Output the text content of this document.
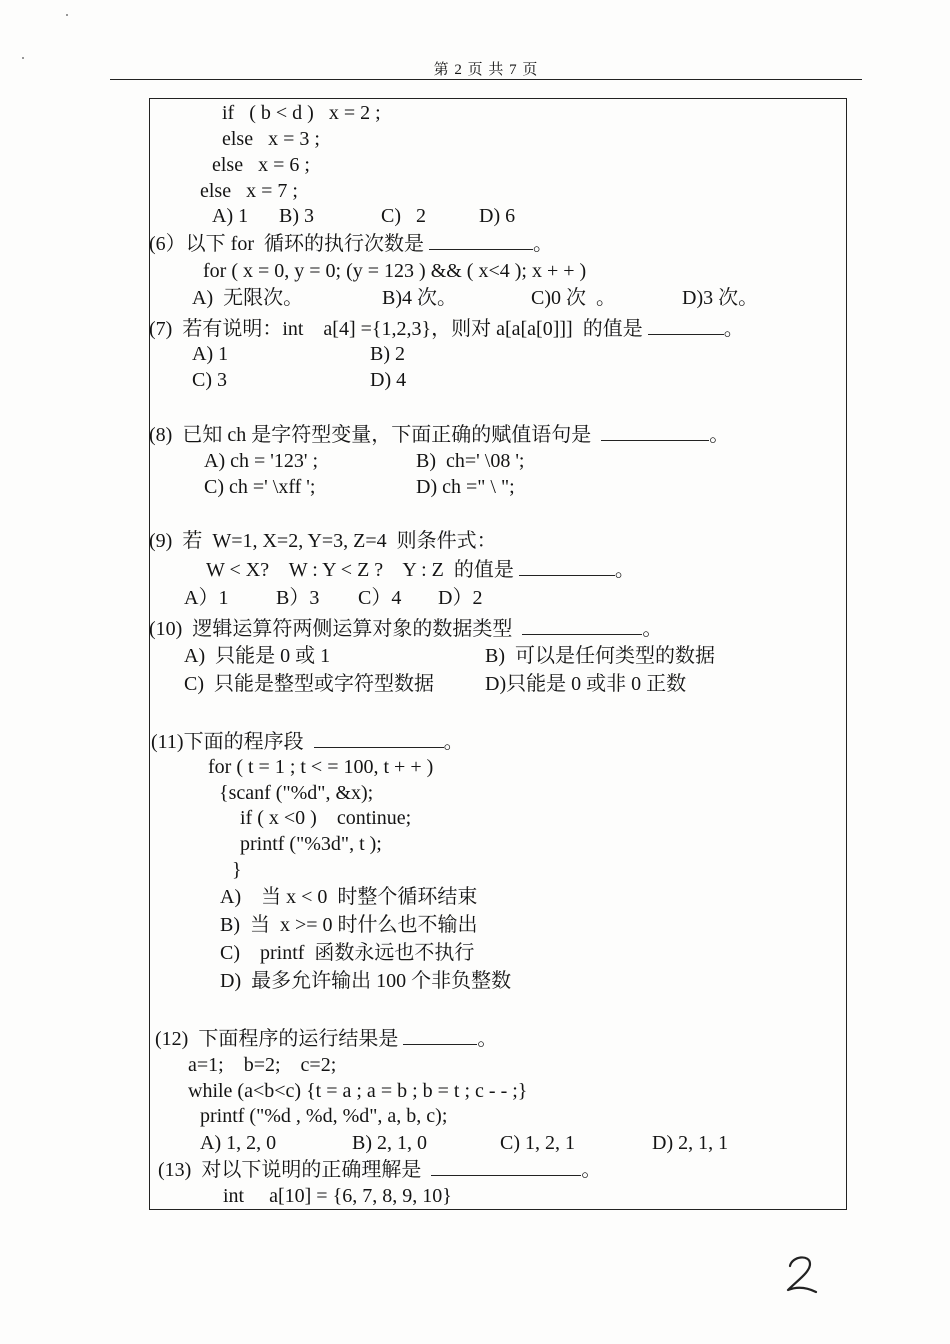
第 2 页 共 7 页
if   ( b < d )   x = 2 ;
else   x = 3 ;
else   x = 6 ;
else   x = 7 ;
A) 1 B) 3	C)   2	D) 6
(6）以下 for  循环的执行次数是	。
for ( x = 0, y = 0; (y = 123 ) && ( x<4 ); x + + )
A)  无限次。	B)4 次。	C)0 次  。	D)3 次。
(7)  若有说明：int    a[4] ={1,2,3}，则对 a[a[a[0]]]  的值是	。
A) 1	B) 2
C) 3	D) 4
(8)  已知 ch 是字符型变量，下面正确的赋值语句是	。
A) ch = '123' ;	B)  ch=' \08 ';
C) ch =' \xff ';	D) ch =" \ ";
(9)  若  W=1, X=2, Y=3, Z=4  则条件式：
W < X?    W : Y < Z ?    Y : Z  的值是	。
A）1 B）3 C）4 D）2
(10)  逻辑运算符两侧运算对象的数据类型	。
A)  只能是 0 或 1	B)  可以是任何类型的数据
C)  只能是整型或字符型数据	D)只能是 0 或非 0 正数
(11)下面的程序段	。
for ( t = 1 ; t < = 100, t + + )
{scanf ("%d", &x);
if ( x <0 )    continue;
printf ("%3d", t );
}
A)    当 x < 0  时整个循环结束
B)  当  x >= 0 时什么也不输出
C)    printf  函数永远也不执行
D)  最多允许输出 100 个非负整数
(12)  下面程序的运行结果是	。
a=1;    b=2;    c=2;
while (a<b<c) {t = a ; a = b ; b = t ; c - - ;}
printf ("%d , %d, %d", a, b, c);
A) 1, 2, 0	B) 2, 1, 0	C) 1, 2, 1	D) 2, 1, 1
(13)  对以下说明的正确理解是	。
int     a[10] = {6, 7, 8, 9, 10}
